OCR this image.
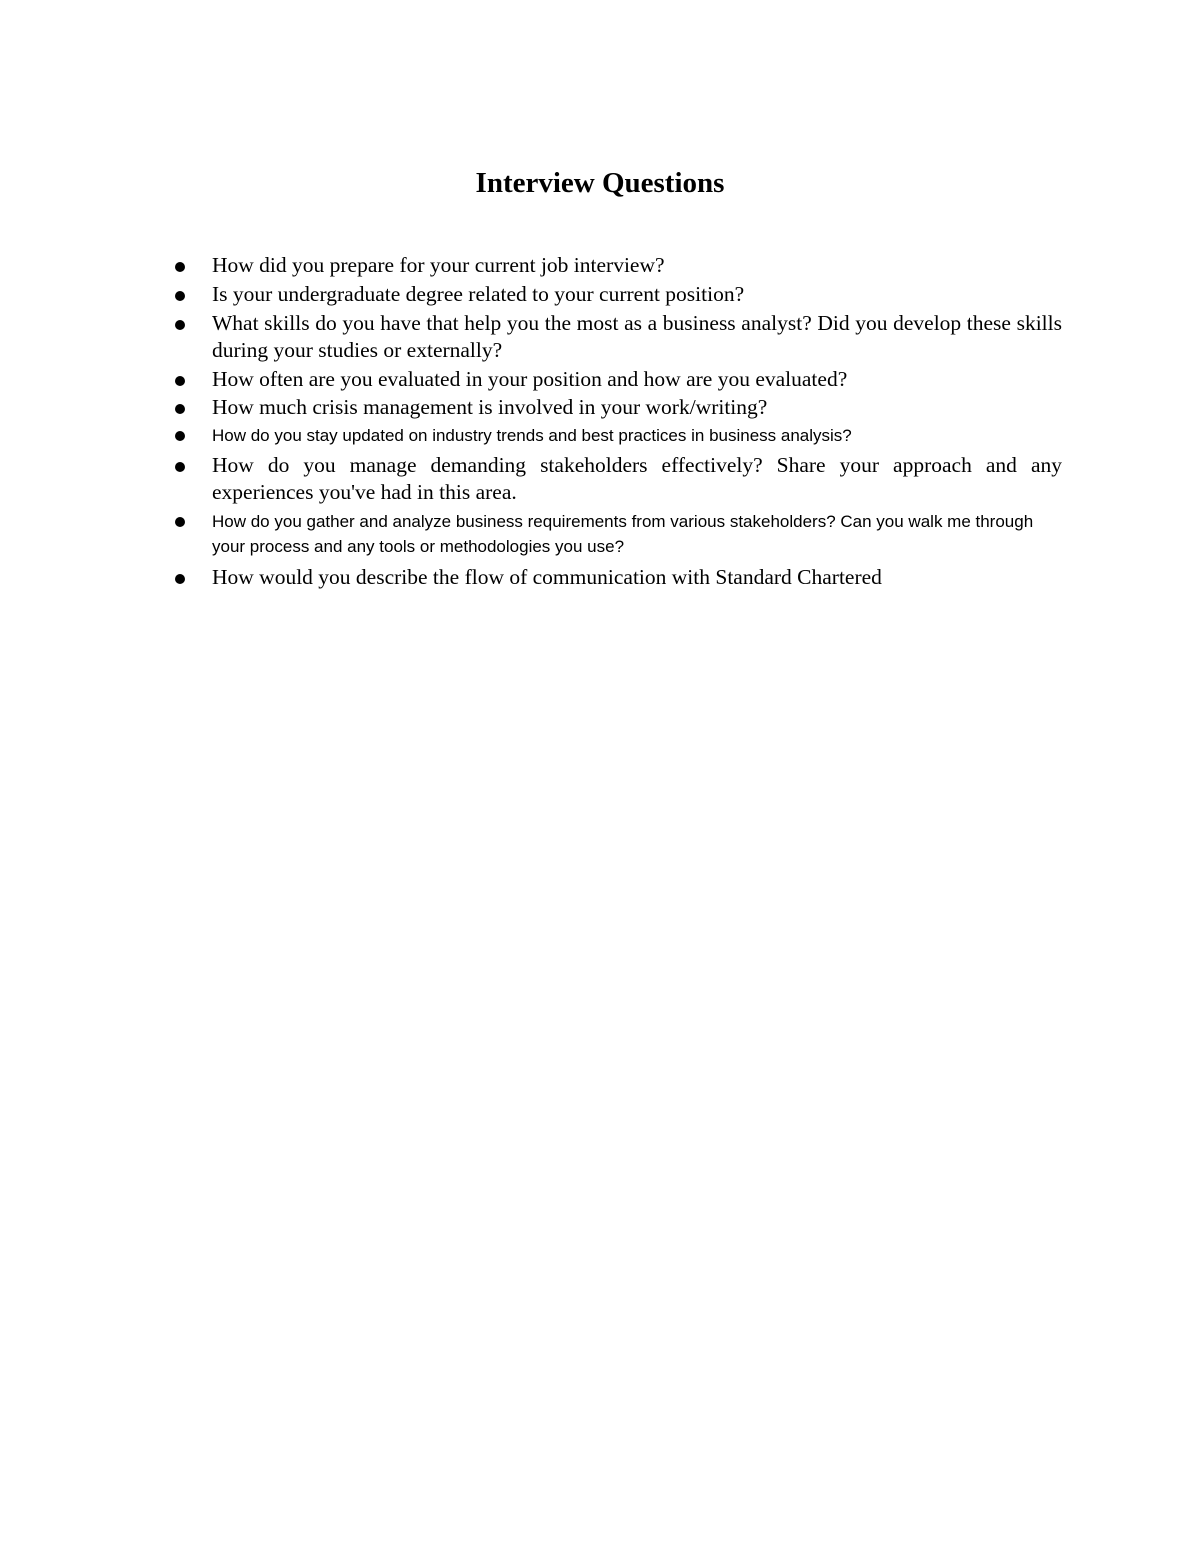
Interview Questions

How did you prepare for your current job interview?

Is your undergraduate degree related to your current position?

What skills do you have that help you the most as a business analyst? Did you develop these skills during your studies or externally?

How often are you evaluated in your position and how are you evaluated?

How much crisis management is involved in your work/writing?

How do you stay updated on industry trends and best practices in business analysis?

How do you manage demanding stakeholders effectively? Share your approach and any experiences you've had in this area.

How do you gather and analyze business requirements from various stakeholders? Can you walk me through your process and any tools or methodologies you use?

How would you describe the flow of communication with Standard Chartered
